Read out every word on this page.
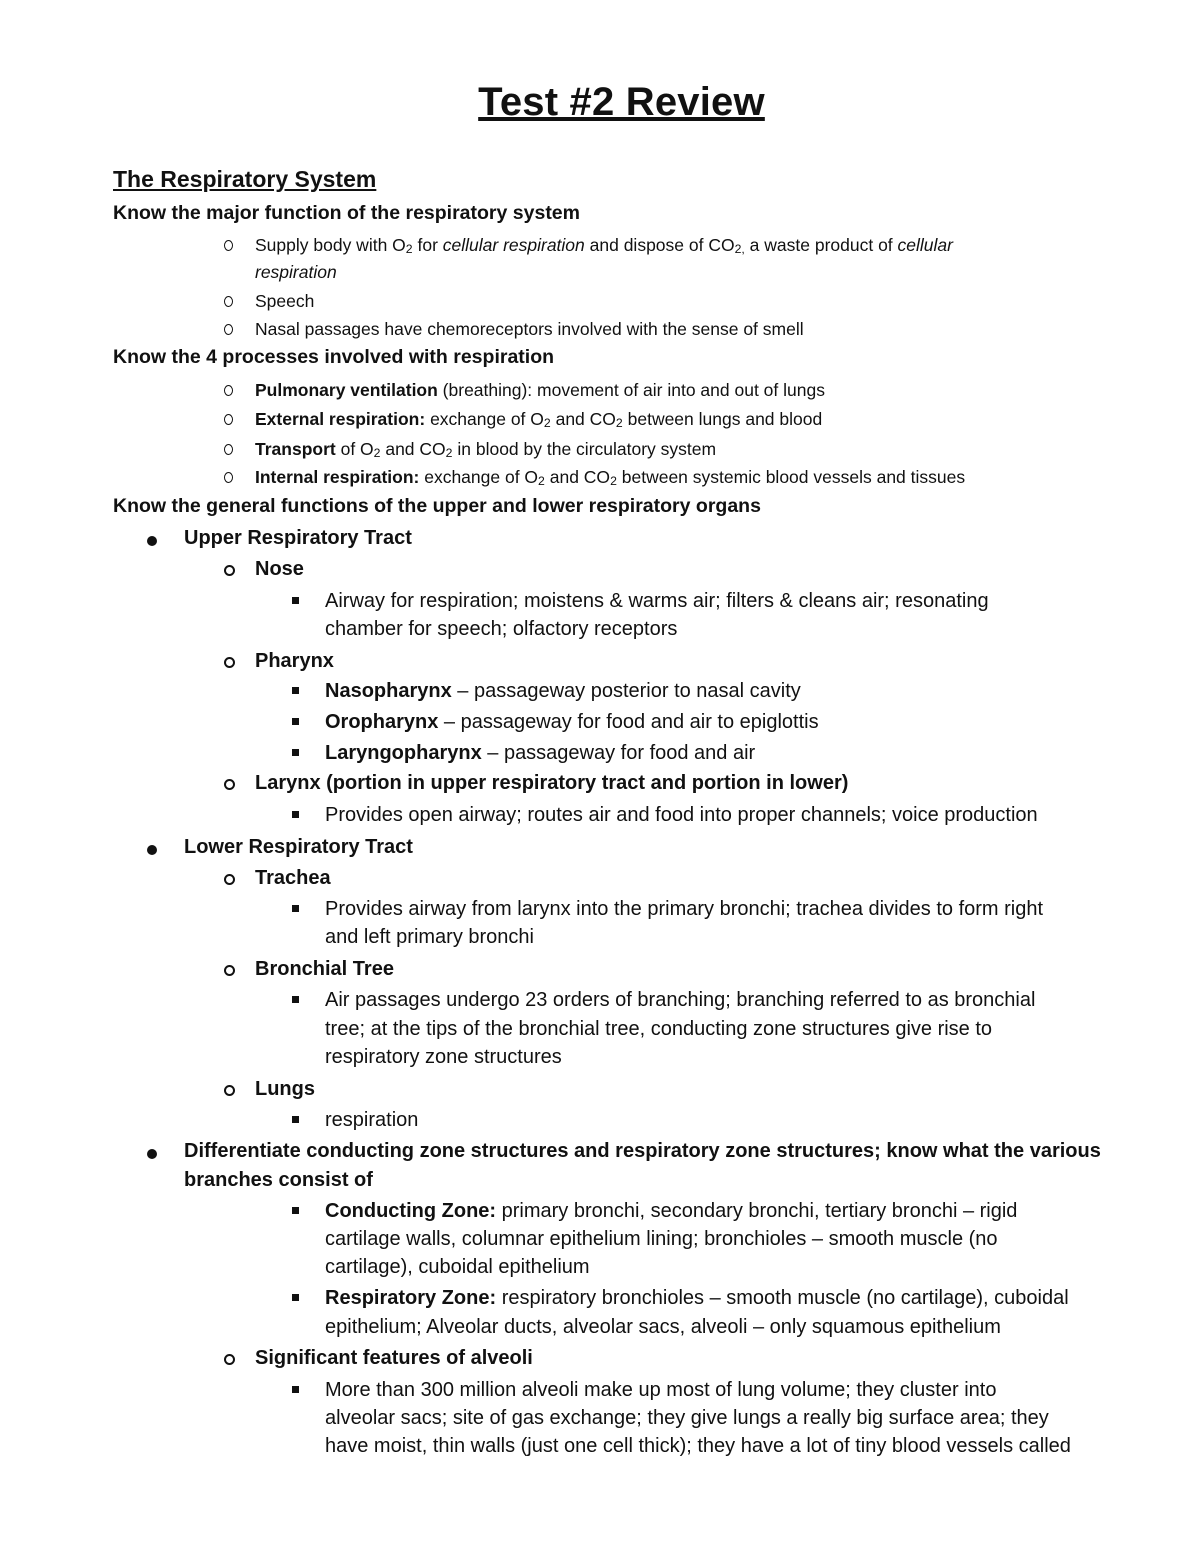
Test #2 Review
The Respiratory System
Know the major function of the respiratory system
Supply body with $O_2$ for cellular respiration and dispose of $CO_{2,}$ a waste product of cellular
respiration
Speech
Nasal passages have chemoreceptors involved with the sense of smell
Know the 4 processes involved with respiration
Pulmonary ventilation (breathing): movement of air into and out of lungs
External respiration: exchange of $O_2$ and $CO_2$ between lungs and blood
Transport of $O_2$ and $CO_2$ in blood by the circulatory system
Internal respiration: exchange of $O_2$ and $CO_2$ between systemic blood vessels and tissues
Know the general functions of the upper and lower respiratory organs
Upper Respiratory Tract
Nose
Airway for respiration; moistens & warms air; filters & cleans air; resonating
chamber for speech; olfactory receptors
Pharynx
Nasopharynx – passageway posterior to nasal cavity
Oropharynx – passageway for food and air to epiglottis
Laryngopharynx – passageway for food and air
Larynx (portion in upper respiratory tract and portion in lower)
Provides open airway; routes air and food into proper channels; voice production
Lower Respiratory Tract
Trachea
Provides airway from larynx into the primary bronchi; trachea divides to form right
and left primary bronchi
Bronchial Tree
Air passages undergo 23 orders of branching; branching referred to as bronchial
tree; at the tips of the bronchial tree, conducting zone structures give rise to
respiratory zone structures
Lungs
respiration
Differentiate conducting zone structures and respiratory zone structures; know what the various
branches consist of
Conducting Zone: primary bronchi, secondary bronchi, tertiary bronchi – rigid
cartilage walls, columnar epithelium lining; bronchioles – smooth muscle (no
cartilage), cuboidal epithelium
Respiratory Zone: respiratory bronchioles – smooth muscle (no cartilage), cuboidal
epithelium; Alveolar ducts, alveolar sacs, alveoli – only squamous epithelium
Significant features of alveoli
More than 300 million alveoli make up most of lung volume; they cluster into
alveolar sacs; site of gas exchange; they give lungs a really big surface area; they
have moist, thin walls (just one cell thick); they have a lot of tiny blood vessels called
